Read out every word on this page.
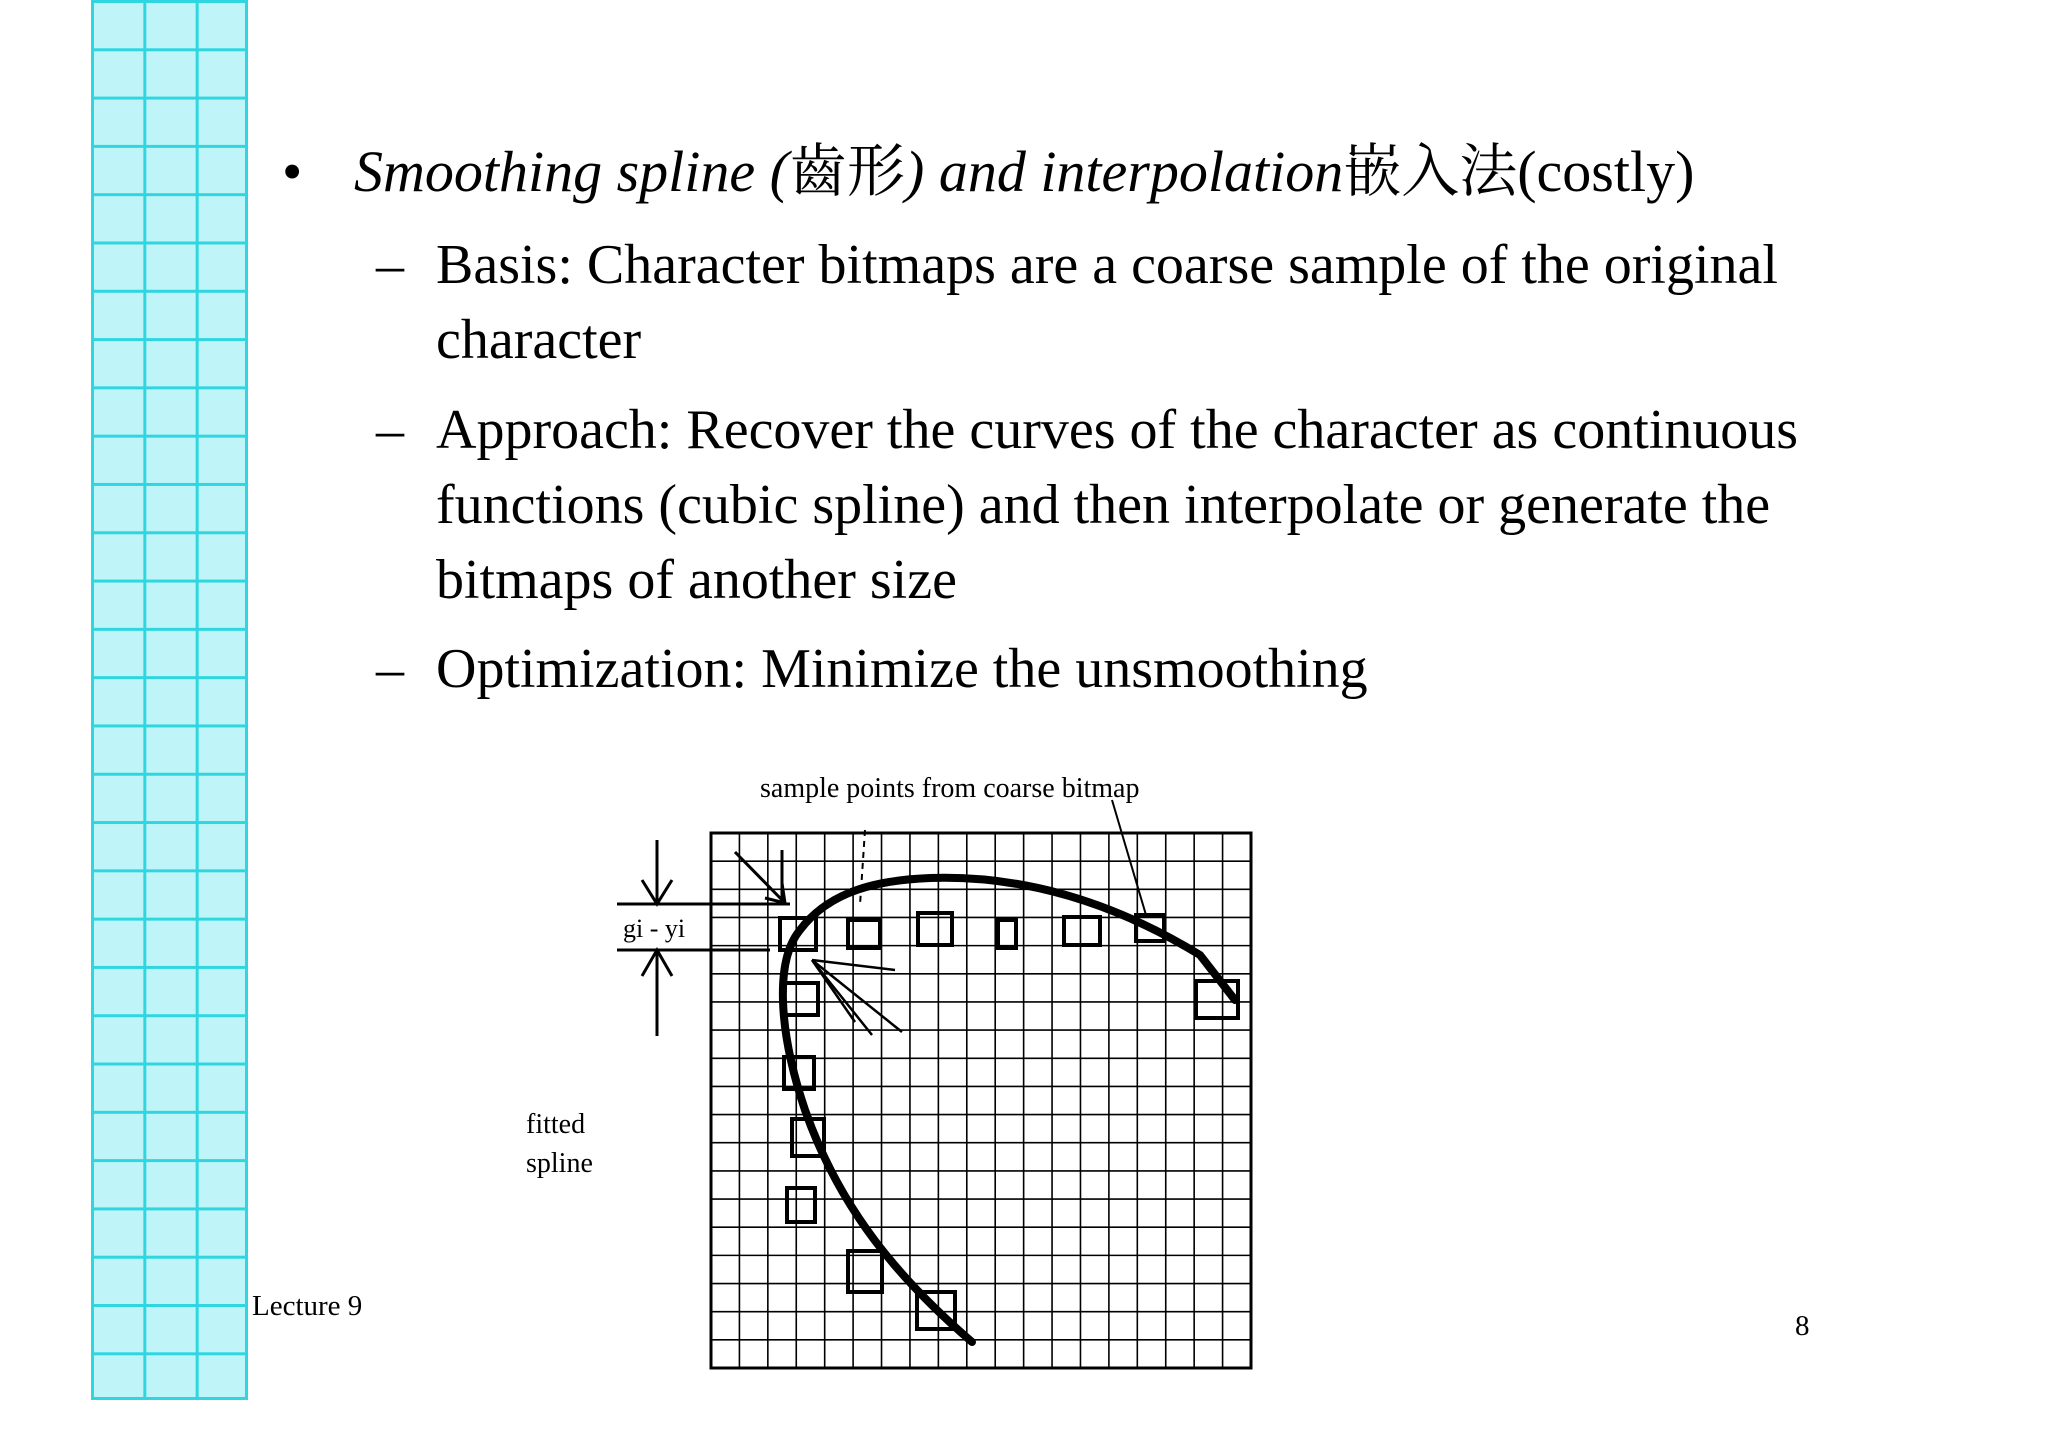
• Smoothing spline (齒形) and interpolation嵌入法(costly)
– Basis: Character bitmaps are a coarse sample of the original character
– Approach: Recover the curves of the character as continuous functions (cubic spline) and then interpolate or generate the bitmaps of another size
– Optimization: Minimize the unsmoothing
sample points from coarse bitmap
gi - yi
fitted
spline
Lecture 9
8
